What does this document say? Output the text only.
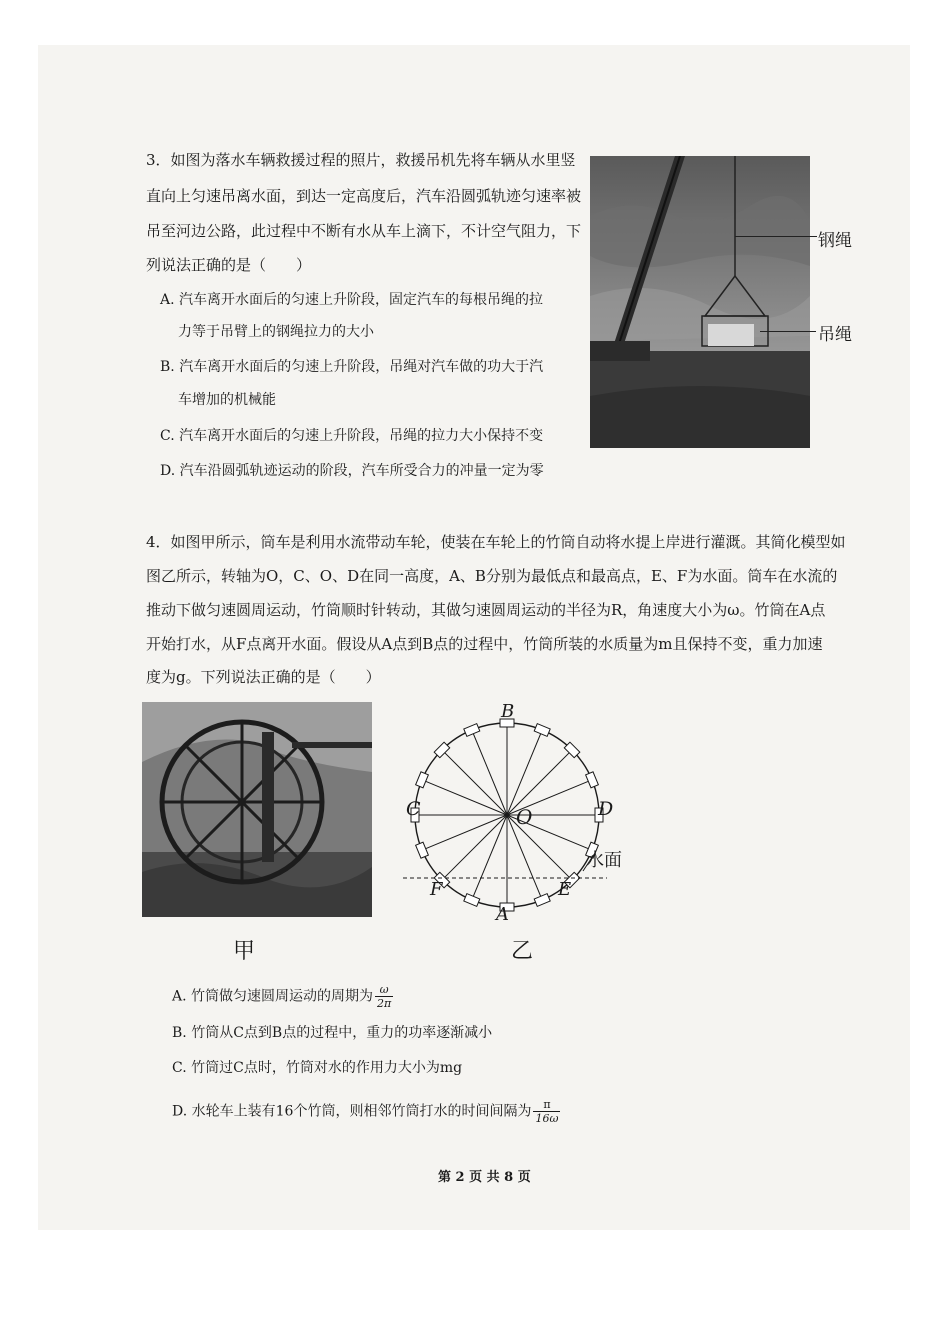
3．如图为落水车辆救援过程的照片，救援吊机先将车辆从水里竖
直向上匀速吊离水面，到达一定高度后，汽车沿圆弧轨迹匀速率被
吊至河边公路，此过程中不断有水从车上滴下，不计空气阻力，下
列说法正确的是（　　）
A. 汽车离开水面后的匀速上升阶段，固定汽车的每根吊绳的拉
力等于吊臂上的钢绳拉力的大小
B. 汽车离开水面后的匀速上升阶段，吊绳对汽车做的功大于汽
车增加的机械能
C. 汽车离开水面后的匀速上升阶段，吊绳的拉力大小保持不变
D. 汽车沿圆弧轨迹运动的阶段，汽车所受合力的冲量一定为零
钢绳
吊绳
4．如图甲所示，筒车是利用水流带动车轮，使装在车轮上的竹筒自动将水提上岸进行灌溉。其简化模型如
图乙所示，转轴为O，C、O、D在同一高度，A、B分别为最低点和最高点，E、F为水面。筒车在水流的
推动下做匀速圆周运动，竹筒顺时针转动，其做匀速圆周运动的半径为R，角速度大小为ω。竹筒在A点
开始打水，从F点离开水面。假设从A点到B点的过程中，竹筒所装的水质量为m且保持不变，重力加速
度为g。下列说法正确的是（　　）
甲
B
O
C	D
水面
F	E
A
乙
A. 竹筒做匀速圆周运动的周期为 $\frac{\omega}{2\pi}$
B. 竹筒从C点到B点的过程中，重力的功率逐渐减小
C. 竹筒过C点时，竹筒对水的作用力大小为mg
D. 水轮车上装有16个竹筒，则相邻竹筒打水的时间间隔为 $\frac{\pi}{16\omega}$
第 2 页 共 8 页
